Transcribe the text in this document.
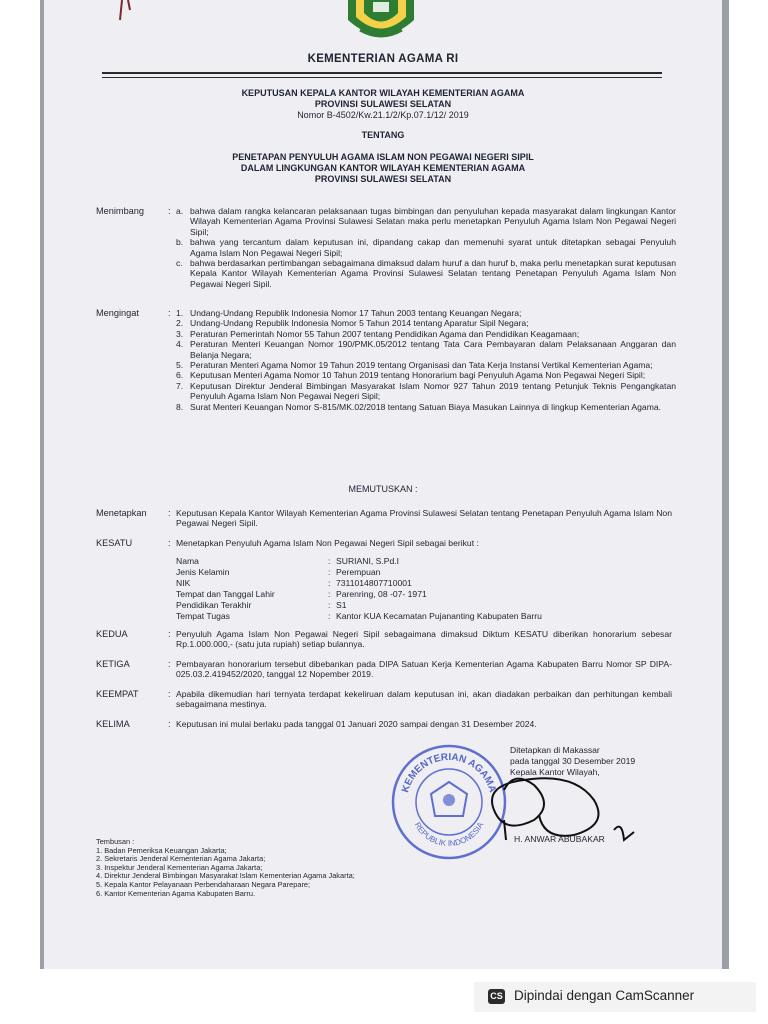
KEMENTERIAN AGAMA RI
KEPUTUSAN KEPALA KANTOR WILAYAH KEMENTERIAN AGAMA
PROVINSI SULAWESI SELATAN
Nomor B-4502/Kw.21.1/2/Kp.07.1/12/ 2019
TENTANG
PENETAPAN PENYULUH AGAMA ISLAM NON PEGAWAI NEGERI SIPIL
DALAM LINGKUNGAN KANTOR WILAYAH KEMENTERIAN AGAMA
PROVINSI SULAWESI SELATAN
Menimbang	: a. bahwa dalam rangka kelancaran pelaksanaan tugas bimbingan dan penyuluhan kepada masyarakat dalam lingkungan Kantor Wilayah Kementerian Agama Provinsi Sulawesi Selatan maka perlu menetapkan Penyuluh Agama Islam Non Pegawai Negeri Sipil;
b. bahwa yang tercantum dalam keputusan ini, dipandang cakap dan memenuhi syarat untuk ditetapkan sebagai Penyuluh Agama Islam Non Pegawai Negeri Sipil;
c. bahwa berdasarkan pertimbangan sebagaimana dimaksud dalam huruf a dan huruf b, maka perlu menetapkan surat keputusan Kepala Kantor Wilayah Kementerian Agama Provinsi Sulawesi Selatan tentang Penetapan Penyuluh Agama Islam Non Pegawai Negeri Sipil.
Mengingat	: 1. Undang-Undang Republik Indonesia Nomor 17 Tahun 2003 tentang Keuangan Negara;
2. Undang-Undang Republik Indonesia Nomor 5 Tahun 2014 tentang Aparatur Sipil Negara;
3. Peraturan Pemerintah Nomor 55 Tahun 2007 tentang Pendidikan Agama dan Pendidikan Keagamaan;
4. Peraturan Menteri Keuangan Nomor 190/PMK.05/2012 tentang Tata Cara Pembayaran dalam Pelaksanaan Anggaran dan Belanja Negara;
5. Peraturan Menteri Agama Nomor 19 Tahun 2019 tentang Organisasi dan Tata Kerja Instansi Vertikal Kementerian Agama;
6. Keputusan Menteri Agama Nomor 10 Tahun 2019 tentang Honorarium bagi Penyuluh Agama Non Pegawai Negeri Sipil;
7. Keputusan Direktur Jenderal Bimbingan Masyarakat Islam Nomor 927 Tahun 2019 tentang Petunjuk Teknis Pengangkatan Penyuluh Agama Islam Non Pegawai Negeri Sipil;
8. Surat Menteri Keuangan Nomor S-815/MK.02/2018 tentang Satuan Biaya Masukan Lainnya di lingkup Kementerian Agama.
MEMUTUSKAN :
Menetapkan : Keputusan Kepala Kantor Wilayah Kementerian Agama Provinsi Sulawesi Selatan tentang Penetapan Penyuluh Agama Islam Non Pegawai Negeri Sipil.
KESATU	: Menetapkan Penyuluh Agama Islam Non Pegawai Negeri Sipil sebagai berikut :
Nama	: SURIANI, S.Pd.I
Jenis Kelamin	: Perempuan
NIK	: 7311014807710001
Tempat dan Tanggal Lahir	: Parenring, 08 -07- 1971
Pendidikan Terakhir	: S1
Tempat Tugas	: Kantor KUA Kecamatan Pujananting Kabupaten Barru
KEDUA	: Penyuluh Agama Islam Non Pegawai Negeri Sipil sebagaimana dimaksud Diktum KESATU diberikan honorarium sebesar Rp.1.000.000,- (satu juta rupiah) setiap bulannya.
KETIGA	: Pembayaran honorarium tersebut dibebankan pada DIPA Satuan Kerja Kementerian Agama Kabupaten Barru Nomor SP DIPA-025.03.2.419452/2020, tanggal 12 Nopember 2019.
KEEMPAT	: Apabila dikemudian hari ternyata terdapat kekeliruan dalam keputusan ini, akan diadakan perbaikan dan perhitungan kembali sebagaimana mestinya.
KELIMA	: Keputusan ini mulai berlaku pada tanggal 01 Januari 2020 sampai dengan 31 Desember 2024.
KEMENTERIAN AGAMA
REPUBLIK INDONESIA
Ditetapkan di Makassar
pada tanggal 30 Desember 2019
Kepala Kantor Wilayah,
H. ANWAR ABUBAKAR
Tembusan :
1. Badan Pemeriksa Keuangan Jakarta;
2. Sekretaris Jenderal Kementerian Agama Jakarta;
3. Inspektur Jenderal Kementerian Agama Jakarta;
4. Direktur Jenderal Bimbingan Masyarakat Islam Kementerian Agama Jakarta;
5. Kepala Kantor Pelayanaan Perbendaharaan Negara Parepare;
6. Kantor Kementerian Agama Kabupaten Barru.
CS Dipindai dengan CamScanner
